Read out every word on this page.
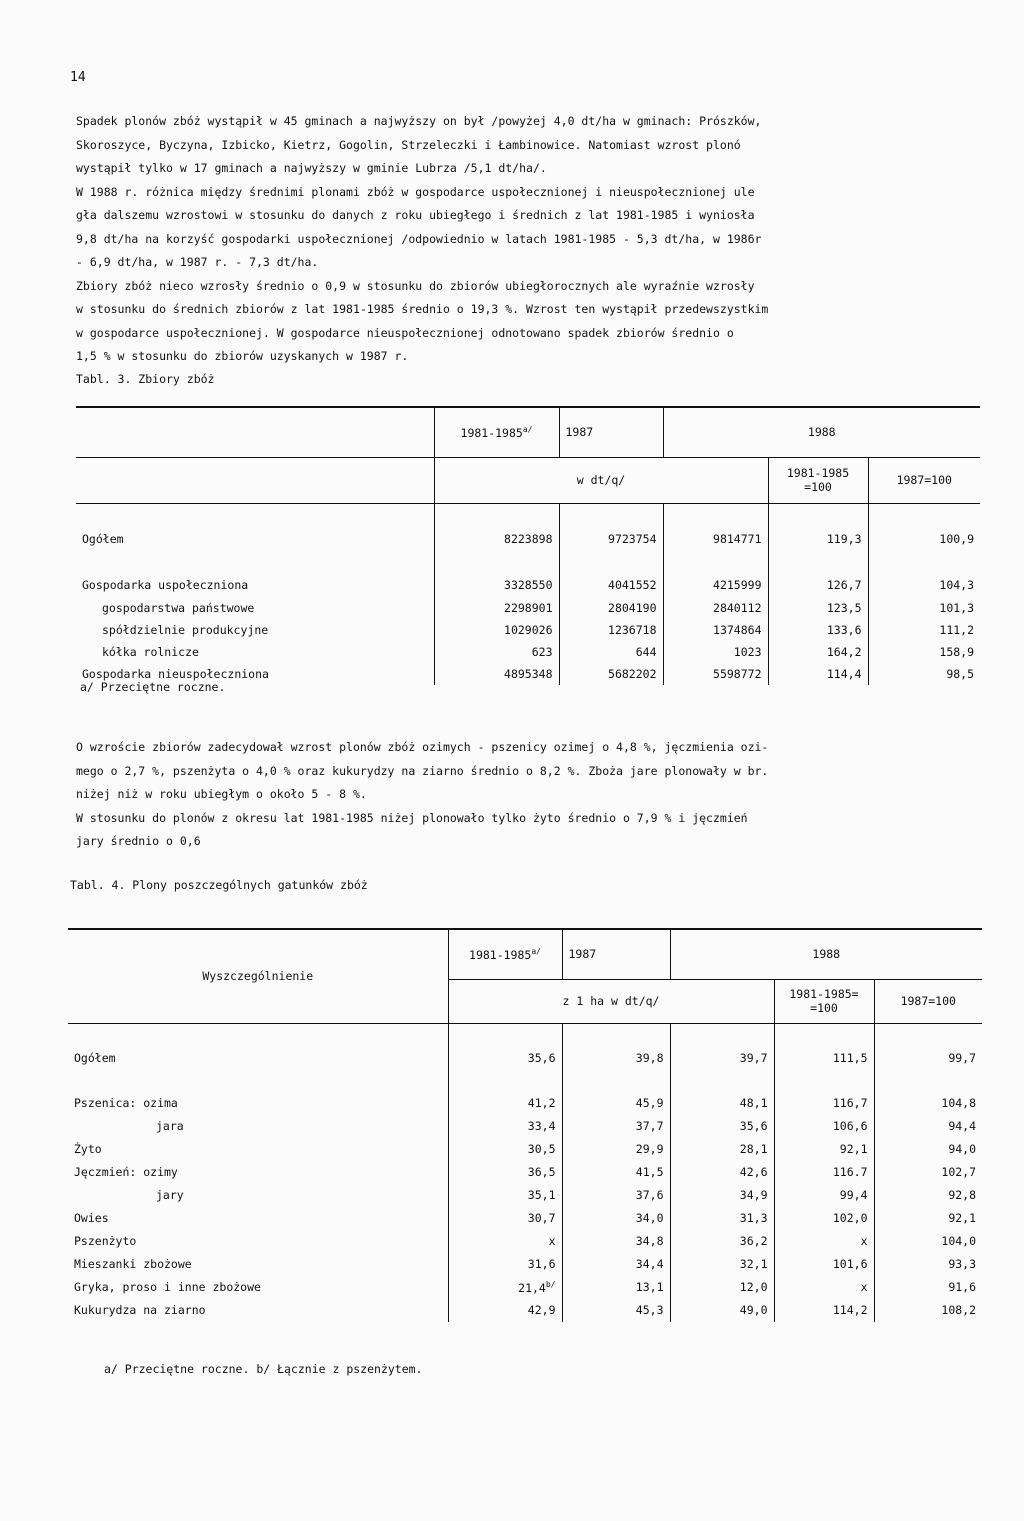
14
Spadek plonów zbóż wystąpił w 45 gminach a najwyższy on był /powyżej 4,0 dt/ha w gminach: Prószków,
Skoroszyce, Byczyna, Izbicko, Kietrz, Gogolin, Strzeleczki i Łambinowice. Natomiast wzrost plonó
wystąpił tylko w 17 gminach a najwyższy w gminie Lubrza /5,1 dt/ha/.
W 1988 r. różnica między średnimi plonami zbóż w gospodarce uspołecznionej i nieuspołecznionej ule
gła dalszemu wzrostowi w stosunku do danych z roku ubiegłego i średnich z lat 1981-1985 i wyniosła
9,8 dt/ha na korzyść gospodarki uspołecznionej /odpowiednio w latach 1981-1985 - 5,3 dt/ha, w 1986r
- 6,9 dt/ha, w 1987 r. - 7,3 dt/ha.
Zbiory zbóż nieco wzrosły średnio o 0,9 w stosunku do zbiorów ubiegłorocznych ale wyraźnie wzrosły
w stosunku do średnich zbiorów z lat 1981-1985 średnio o 19,3 %. Wzrost ten wystąpił przedewszystkim
w gospodarce uspołecznionej. W gospodarce nieuspołecznionej odnotowano spadek zbiorów średnio o
1,5 % w stosunku do zbiorów uzyskanych w 1987 r.
Tabl. 3. Zbiory zbóż
	$1981-1985^{a/}$	1987	1988		
	w dt/q/			1981-1985
=100	1987=100

Ogółem	8223898	9723754	9814771	119,3	100,9

Gospodarka uspołeczniona	3328550	4041552	4215999	126,7	104,3
gospodarstwa państwowe	2298901	2804190	2840112	123,5	101,3
spółdzielnie produkcyjne	1029026	1236718	1374864	133,6	111,2
kółka rolnicze	623	644	1023	164,2	158,9
Gospodarka nieuspołeczniona	4895348	5682202	5598772	114,4	98,5
a/ Przeciętne roczne.
O wzroście zbiorów zadecydował wzrost plonów zbóż ozimych - pszenicy ozimej o 4,8 %, jęczmienia ozi-
mego o 2,7 %, pszenżyta o 4,0 % oraz kukurydzy na ziarno średnio o 8,2 %. Zboża jare plonowały w br.
niżej niż w roku ubiegłym o około 5 - 8 %.
W stosunku do plonów z okresu lat 1981-1985 niżej plonowało tylko żyto średnio o 7,9 % i jęczmień
jary średnio o 0,6
Tabl. 4. Plony poszczególnych gatunków zbóż
Wyszczególnienie	$1981-1985^{a/}$	1987	1988		
	z 1 ha w dt/q/			1981-1985=
=100	1987=100

Ogółem	35,6	39,8	39,7	111,5	99,7

Pszenica: ozima	41,2	45,9	48,1	116,7	104,8
jara	33,4	37,7	35,6	106,6	94,4
Żyto	30,5	29,9	28,1	92,1	94,0
Jęczmień: ozimy	36,5	41,5	42,6	116.7	102,7
jary	35,1	37,6	34,9	99,4	92,8
Owies	30,7	34,0	31,3	102,0	92,1
Pszenżyto	x	34,8	36,2	x	104,0
Mieszanki zbożowe	31,6	34,4	32,1	101,6	93,3
Gryka, proso i inne zbożowe	$21,4^{b/}$	13,1	12,0	x	91,6
Kukurydza na ziarno	42,9	45,3	49,0	114,2	108,2
a/ Przeciętne roczne. b/ Łącznie z pszenżytem.
